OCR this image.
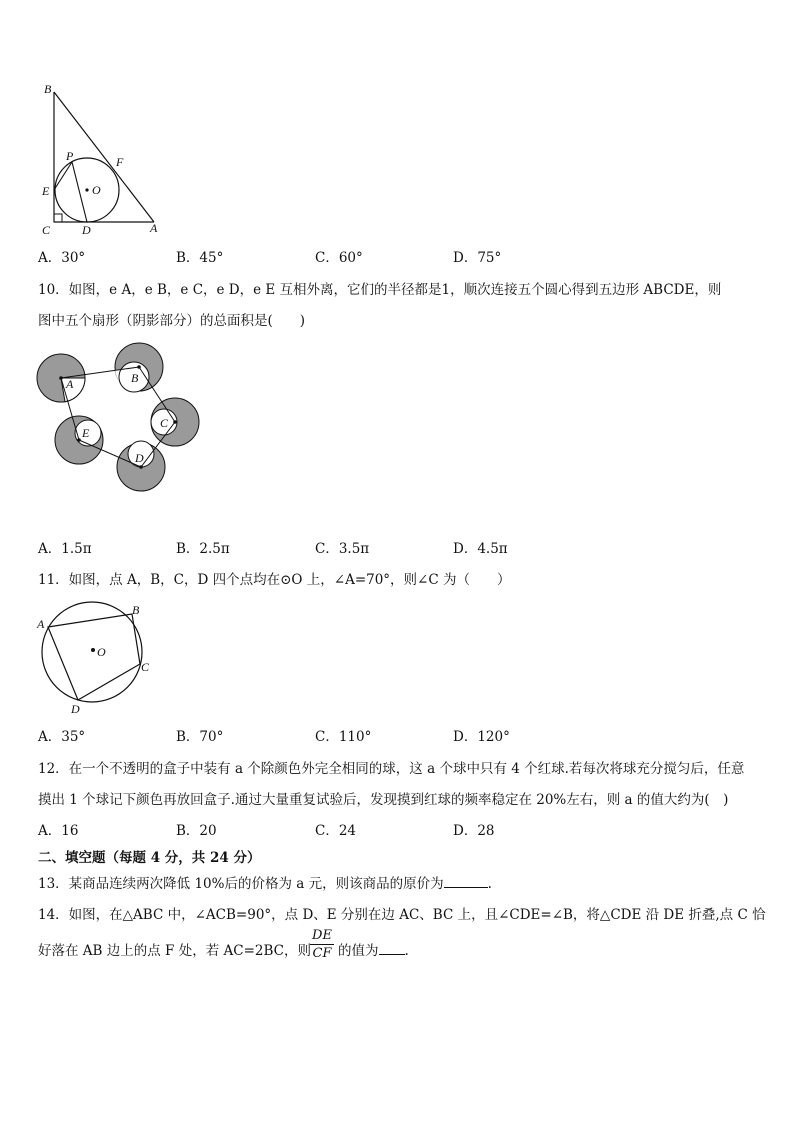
B
P	F
E	O
C	D	A
A．30°	B．45°	C．60°	D．75°
10．如图，e A，e B，e C，e D，e E 互相外离，它们的半径都是1，顺次连接五个圆心得到五边形 ABCDE，则
图中五个扇形（阴影部分）的总面积是(　　)
A	B
C
D
E
A．1.5π	B．2.5π	C．3.5π	D．4.5π
11．如图，点 A，B，C，D 四个点均在⊙O 上，∠A=70°，则∠C 为（　　）
A
B
O
C
D
A．35°	B．70°	C．110°	D．120°
12．在一个不透明的盒子中装有 a 个除颜色外完全相同的球，这 a 个球中只有 4 个红球.若每次将球充分搅匀后，任意
摸出 1 个球记下颜色再放回盒子.通过大量重复试验后，发现摸到红球的频率稳定在 20%左右，则 a 的值大约为(　)
A．16	B．20	C．24	D．28
二、填空题（每题 4 分，共 24 分）
13．某商品连续两次降低 10%后的价格为 a 元，则该商品的原价为	.
14．如图，在△ABC 中，∠ACB=90°，点 D、E 分别在边 AC、BC 上，且∠CDE=∠B，将△CDE 沿 DE 折叠,点 C 恰
好落在 AB 边上的点 F 处，若 AC=2BC，则
DE
CF 的值为 .
